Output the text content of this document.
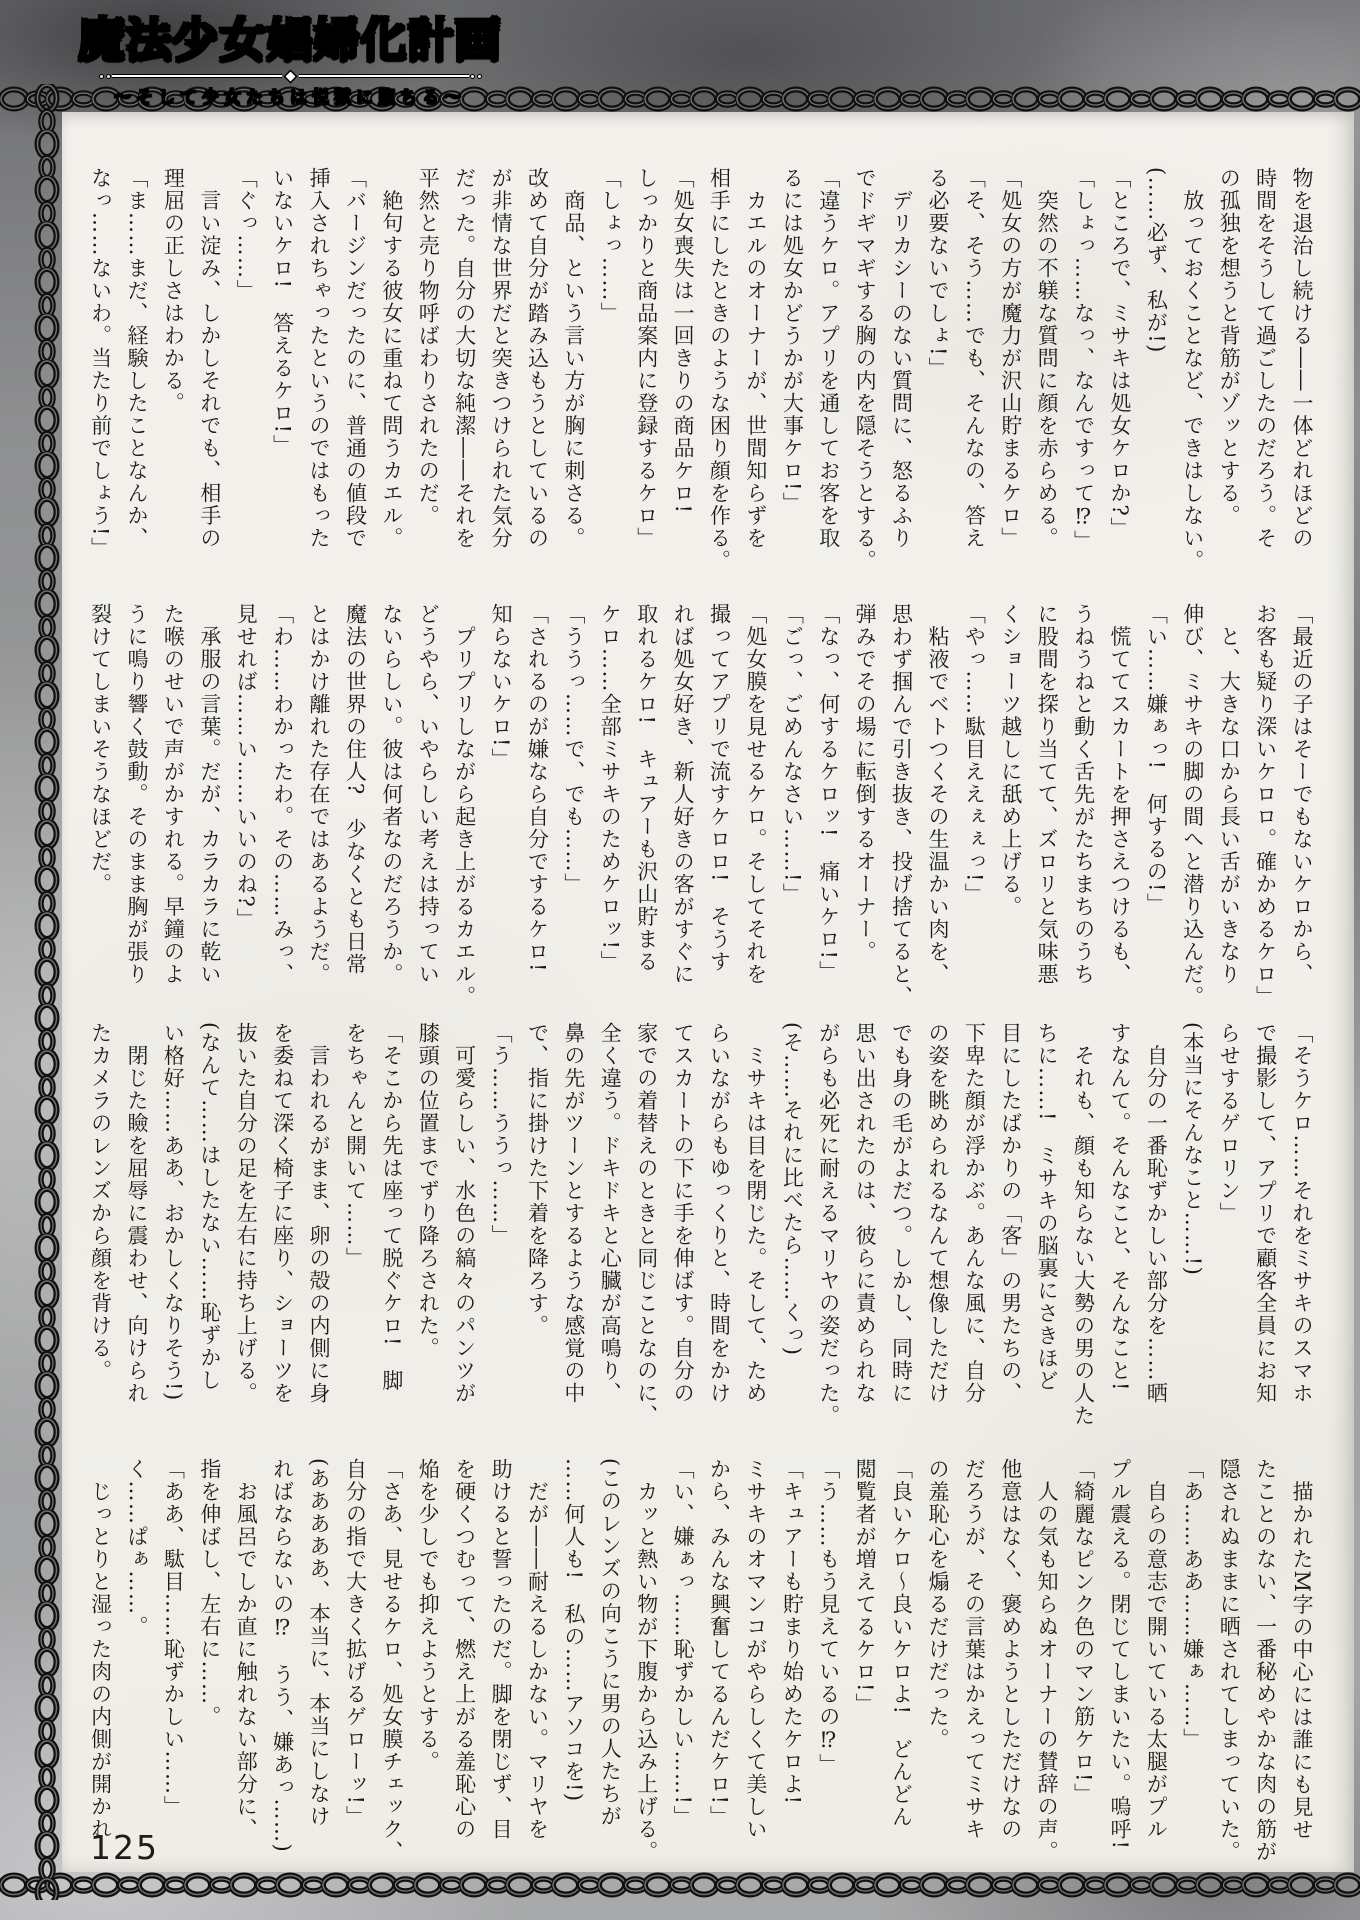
魔法少女娼婦化計画
～そして少女たちは悦獄に堕ちる～

物を退治し続ける――一体どれほどの

時間をそうして過ごしたのだろう。そ

の孤独を想うと背筋がゾッとする。

　放っておくことなど、できはしない。

(……必ず、私が!)

「ところで、ミサキは処女ケロか?」

「しょっ……なっ、なんですって⁉」

　突然の不躾な質問に顔を赤らめる。

「処女の方が魔力が沢山貯まるケロ」

「そ、そう……でも、そんなの、答え

る必要ないでしょ!」

　デリカシーのない質問に、怒るふり

でドギマギする胸の内を隠そうとする。

「違うケロ。アプリを通してお客を取

るには処女かどうかが大事ケロ!」

　カエルのオーナーが、世間知らずを

相手にしたときのような困り顔を作る。

「処女喪失は一回きりの商品ケロ!

しっかりと商品案内に登録するケロ」

「しょっ……」

　商品、という言い方が胸に刺さる。

改めて自分が踏み込もうとしているの

が非情な世界だと突きつけられた気分

だった。自分の大切な純潔――それを

平然と売り物呼ばわりされたのだ。

　絶句する彼女に重ねて問うカエル。

「バージンだったのに、普通の値段で

挿入されちゃったというのではもった

いないケロ!　答えるケロ!」

「ぐっ……」

　言い淀み、しかしそれでも、相手の

理屈の正しさはわかる。

「ま……まだ、経験したことなんか、

なっ……ないわ。当たり前でしょう!」

「最近の子はそーでもないケロから、

お客も疑り深いケロロ。確かめるケロ」

　と、大きな口から長い舌がいきなり

伸び、ミサキの脚の間へと潜り込んだ。

「い……嫌ぁっ!　何するの!」

　慌ててスカートを押さえつけるも、

うねうねと動く舌先がたちまちのうち

に股間を探り当てて、ズロリと気味悪

くショーツ越しに舐め上げる。

「やっ……駄目ええぇぇっ!」

　粘液でベトつくその生温かい肉を、

思わず掴んで引き抜き、投げ捨てると、

弾みでその場に転倒するオーナー。

「なっ、何するケロッ!　痛いケロ!」

「ごっ、ごめんなさい……!」

「処女膜を見せるケロ。そしてそれを

撮ってアプリで流すケロロ!　そうす

れば処女好き、新人好きの客がすぐに

取れるケロ!　キュアーも沢山貯まる

ケロ……全部ミサキのためケロッ!」

「ううっ……で、でも……」

「されるのが嫌なら自分でするケロ!

知らないケロ!」

　プリプリしながら起き上がるカエル。

どうやら、いやらしい考えは持ってい

ないらしい。彼は何者なのだろうか。

魔法の世界の住人?　少なくとも日常

とはかけ離れた存在ではあるようだ。

「わ……わかったわ。その……みっ、

見せれば……い……いいのね?」

　承服の言葉。だが、カラカラに乾い

た喉のせいで声がかすれる。早鐘のよ

うに鳴り響く鼓動。そのまま胸が張り

裂けてしまいそうなほどだ。

「そうケロ……それをミサキのスマホ

で撮影して、アプリで顧客全員にお知

らせするゲロリン」

(本当にそんなこと……!)

　自分の一番恥ずかしい部分を……晒

すなんて。そんなこと、そんなこと!

　それも、顔も知らない大勢の男の人た

ちに……!　ミサキの脳裏にさきほど

目にしたばかりの「客」の男たちの、

下卑た顔が浮かぶ。あんな風に、自分

の姿を眺められるなんて想像しただけ

でも身の毛がよだつ。しかし、同時に

思い出されたのは、彼らに責められな

がらも必死に耐えるマリヤの姿だった。

(そ……それに比べたら……くっ)

　ミサキは目を閉じた。そして、ため

らいながらもゆっくりと、時間をかけ

てスカートの下に手を伸ばす。自分の

家での着替えのときと同じことなのに、

全く違う。ドキドキと心臓が高鳴り、

鼻の先がツーンとするような感覚の中

で、指に掛けた下着を降ろす。

「う……ううっ……」

　可愛らしい、水色の縞々のパンツが

膝頭の位置までずり降ろされた。

「そこから先は座って脱ぐケロ!　脚

をちゃんと開いて……」

　言われるがまま、卵の殻の内側に身

を委ねて深く椅子に座り、ショーツを

抜いた自分の足を左右に持ち上げる。

(なんて……はしたない……恥ずかし

い格好……ああ、おかしくなりそう!)

　閉じた瞼を屈辱に震わせ、向けられ

たカメラのレンズから顔を背ける。

　描かれたM字の中心には誰にも見せ

たことのない、一番秘めやかな肉の筋が

隠されぬままに晒されてしまっていた。

「あ……ああ……嫌ぁ……」

　自らの意志で開いている太腿がプル

プル震える。閉じてしまいたい。嗚呼!

「綺麗なピンク色のマン筋ケロ!」

　人の気も知らぬオーナーの賛辞の声。

他意はなく、褒めようとしただけなの

だろうが、その言葉はかえってミサキ

の羞恥心を煽るだけだった。

「良いケロ～良いケロよ!　どんどん

閲覧者が増えてるケロ!」

「う……もう見えているの⁉」

「キュアーも貯まり始めたケロよ!

ミサキのオマンコがやらしくて美しい

から、みんな興奮してるんだケロ!」

「い、嫌ぁっ……恥ずかしい……!」

　カッと熱い物が下腹から込み上げる。

(このレンズの向こうに男の人たちが

……何人も!　私の……アソコを!)

　だが――耐えるしかない。マリヤを

助けると誓ったのだ。脚を閉じず、目

を硬くつむって、燃え上がる羞恥心の

焔を少しでも抑えようとする。

「さあ、見せるケロ、処女膜チェック、

自分の指で大きく拡げるゲローッ!」

(あああああ、本当に、本当にしなけ

ればならないの⁉　うう、嫌あっ……)

　お風呂でしか直に触れない部分に、

指を伸ばし、左右に……。

「ああ、駄目……恥ずかしい……」

く……ぱぁ……。

　じっとりと湿った肉の内側が開かれ

125
